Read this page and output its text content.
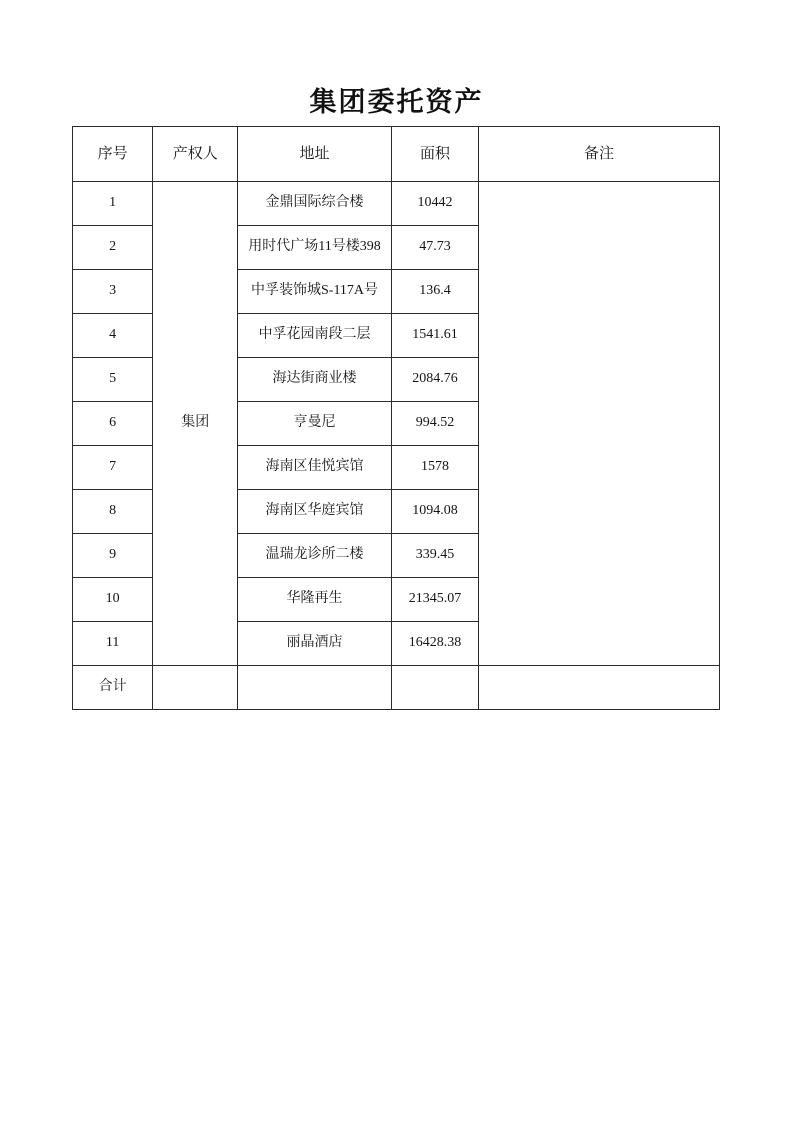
集团委托资产
序号	产权人	地址	面积	备注
1	集团	金鼎国际综合楼	10442	
2		用时代广场11号楼398	47.73	
3		中孚装饰城S-117A号	136.4	
4		中孚花园南段二层	1541.61	
5		海达街商业楼	2084.76	
6		亨曼尼	994.52	
7		海南区佳悦宾馆	1578	
8		海南区华庭宾馆	1094.08	
9		温瑞龙诊所二楼	339.45	
10		华隆再生	21345.07	
11		丽晶酒店	16428.38	
合计				
